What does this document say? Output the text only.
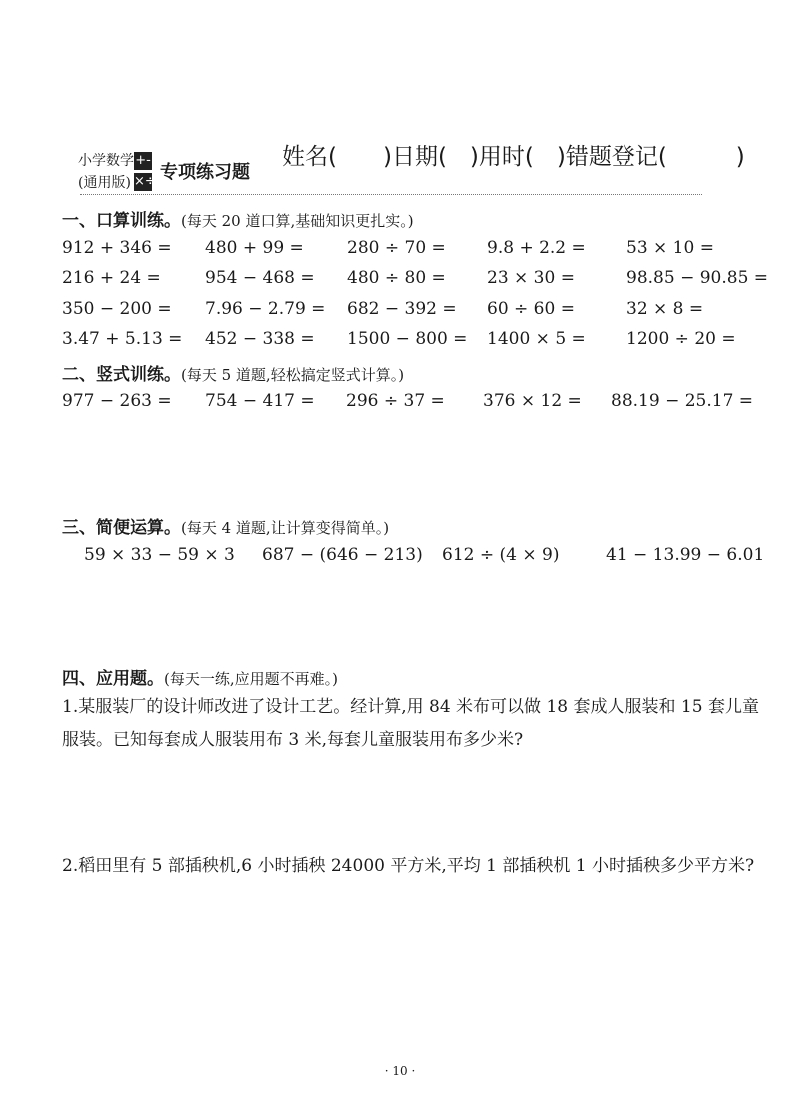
小学数学
(通用版)
+-
×÷ 专项练习题
姓名(　　)日期(　)用时(　)错题登记(　　　)
一、口算训练。(每天 20 道口算,基础知识更扎实。)
912 + 346 = 480 + 99 =	280 ÷ 70 = 9.8 + 2.2 = 53 × 10 =
216 + 24 =	954 − 468 = 480 ÷ 80 = 23 × 30 =	98.85 − 90.85 =
350 − 200 = 7.96 − 2.79 = 682 − 392 = 60 ÷ 60 =	32 × 8 =
3.47 + 5.13 = 452 − 338 = 1500 − 800 = 1400 × 5 = 1200 ÷ 20 =
二、竖式训练。(每天 5 道题,轻松搞定竖式计算。)
977 − 263 = 754 − 417 = 296 ÷ 37 = 376 × 12 = 88.19 − 25.17 =
三、简便运算。(每天 4 道题,让计算变得简单。)
59 × 33 − 59 × 3 687 − (646 − 213) 612 ÷ (4 × 9)	41 − 13.99 − 6.01
四、应用题。(每天一练,应用题不再难。)
1.某服装厂的设计师改进了设计工艺。经计算,用 84 米布可以做 18 套成人服装和 15 套儿童服装。已知每套成人服装用布 3 米,每套儿童服装用布多少米?
2.稻田里有 5 部插秧机,6 小时插秧 24000 平方米,平均 1 部插秧机 1 小时插秧多少平方米?
· 10 ·
